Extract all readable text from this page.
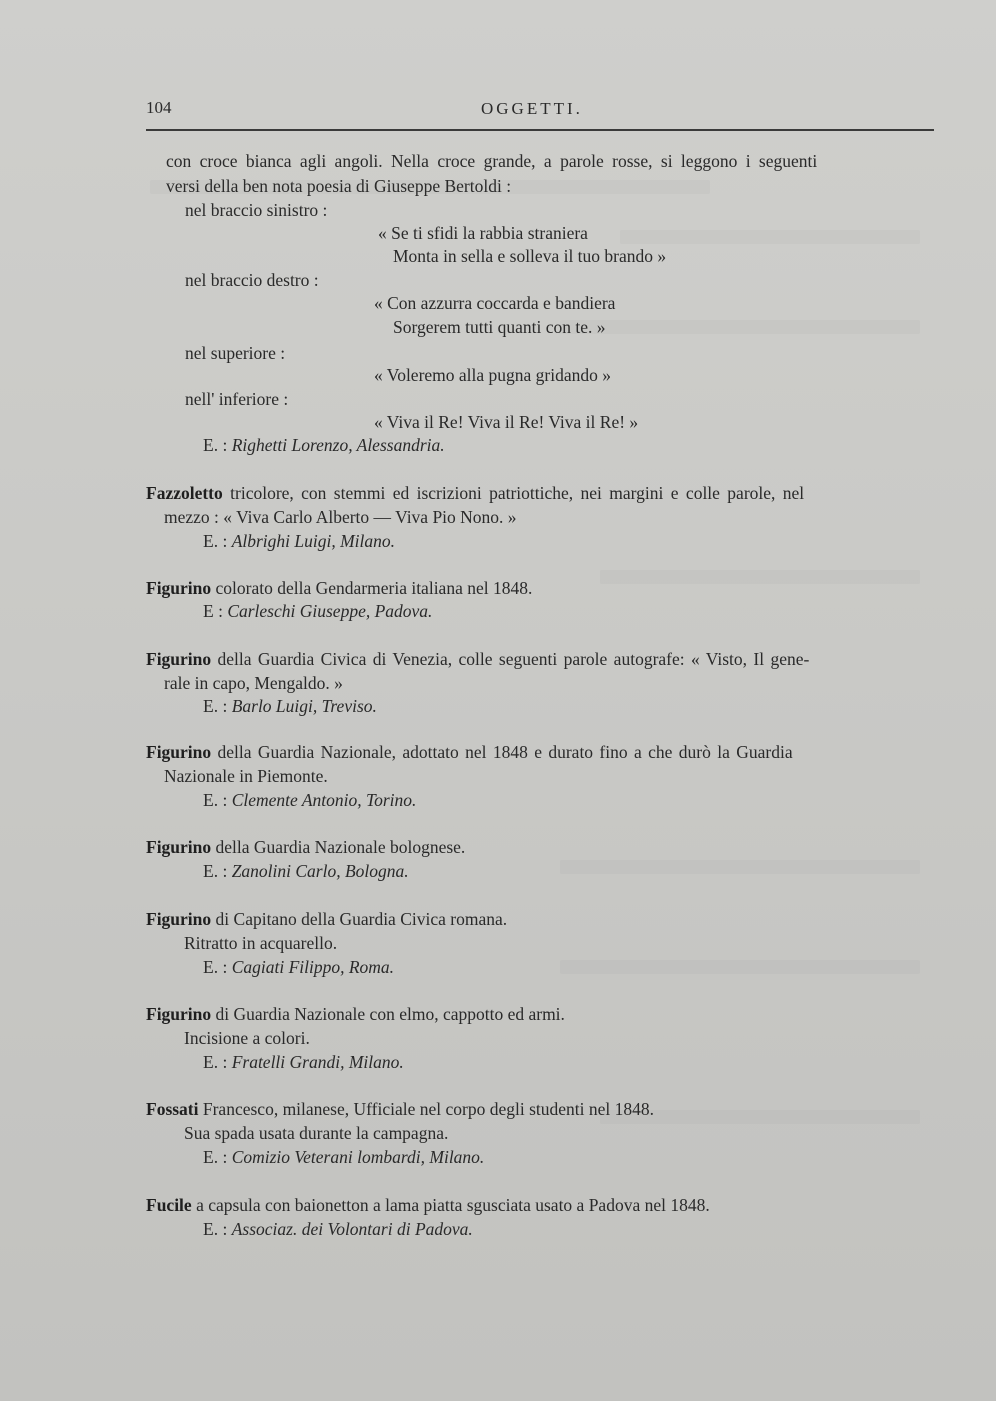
104	OGGETTI.
con croce bianca agli angoli. Nella croce grande, a parole rosse, si leggono i seguenti
versi della ben nota poesia di Giuseppe Bertoldi :
nel braccio sinistro :
« Se ti sfidi la rabbia straniera
Monta in sella e solleva il tuo brando »
nel braccio destro :
« Con azzurra coccarda e bandiera
Sorgerem tutti quanti con te. »
nel superiore :
« Voleremo alla pugna gridando »
nell' inferiore :
« Viva il Re! Viva il Re! Viva il Re! »
E. : Righetti Lorenzo, Alessandria.
Fazzoletto tricolore, con stemmi ed iscrizioni patriottiche, nei margini e colle parole, nel
mezzo : « Viva Carlo Alberto — Viva Pio Nono. »
E. : Albrighi Luigi, Milano.
Figurino colorato della Gendarmeria italiana nel 1848.
E : Carleschi Giuseppe, Padova.
Figurino della Guardia Civica di Venezia, colle seguenti parole autografe: « Visto, Il gene-
rale in capo, Mengaldo. »
E. : Barlo Luigi, Treviso.
Figurino della Guardia Nazionale, adottato nel 1848 e durato fino a che durò la Guardia
Nazionale in Piemonte.
E. : Clemente Antonio, Torino.
Figurino della Guardia Nazionale bolognese.
E. : Zanolini Carlo, Bologna.
Figurino di Capitano della Guardia Civica romana.
Ritratto in acquarello.
E. : Cagiati Filippo, Roma.
Figurino di Guardia Nazionale con elmo, cappotto ed armi.
Incisione a colori.
E. : Fratelli Grandi, Milano.
Fossati Francesco, milanese, Ufficiale nel corpo degli studenti nel 1848.
Sua spada usata durante la campagna.
E. : Comizio Veterani lombardi, Milano.
Fucile a capsula con baionetton a lama piatta sgusciata usato a Padova nel 1848.
E. : Associaz. dei Volontari di Padova.
